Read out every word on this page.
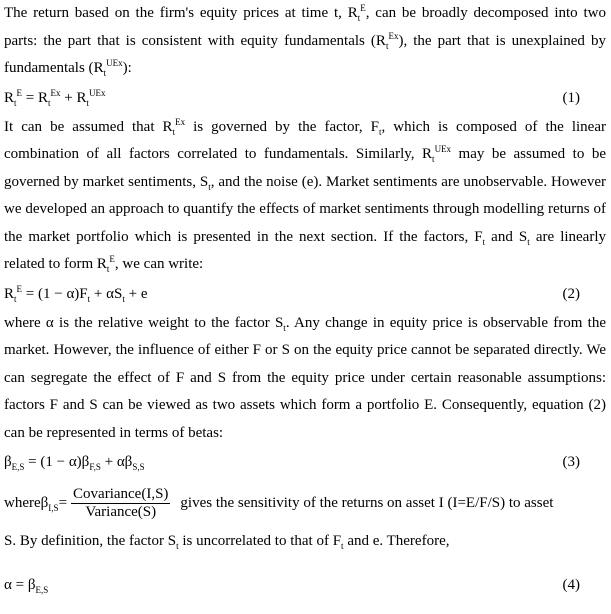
The return based on the firm's equity prices at time t, $R_t^E$, can be broadly decomposed into two parts: the part that is consistent with equity fundamentals $(R_t^{Ex})$, the part that is unexplained by fundamentals $(R_t^{UEx})$:

$R_t^E = R_t^{Ex} + R_t^{UEx}$	(1)

It can be assumed that $R_t^{Ex}$ is governed by the factor, $F_t$, which is composed of the linear combination of all factors correlated to fundamentals. Similarly, $R_t^{UEx}$ may be assumed to be governed by market sentiments, $S_t$, and the noise (e). Market sentiments are unobservable. However we developed an approach to quantify the effects of market sentiments through modelling returns of the market portfolio which is presented in the next section. If the factors, $F_t$ and $S_t$ are linearly related to form $R_t^E$, we can write:

$R_t^E = (1 - \alpha)F_t + \alpha S_t + e$	(2)

where α is the relative weight to the factor $S_t$. Any change in equity price is observable from the market. However, the influence of either F or S on the equity price cannot be separated directly. We can segregate the effect of F and S from the equity price under certain reasonable assumptions: factors F and S can be viewed as two assets which form a portfolio E. Consequently, equation (2) can be represented in terms of betas:

$\beta_{E,S} = (1 - \alpha)\beta_{F,S} + \alpha\beta_{S,S}$	(3)
where $\beta_{I,S} = \frac{\text{Covariance(I,S)}}{\text{Variance(S)}}$ gives the sensitivity of the returns on asset I (I=E/F/S) to asset

S. By definition, the factor $S_t$ is uncorrelated to that of $F_t$ and e. Therefore,

$\alpha = \beta_{E,S}$	(4)
